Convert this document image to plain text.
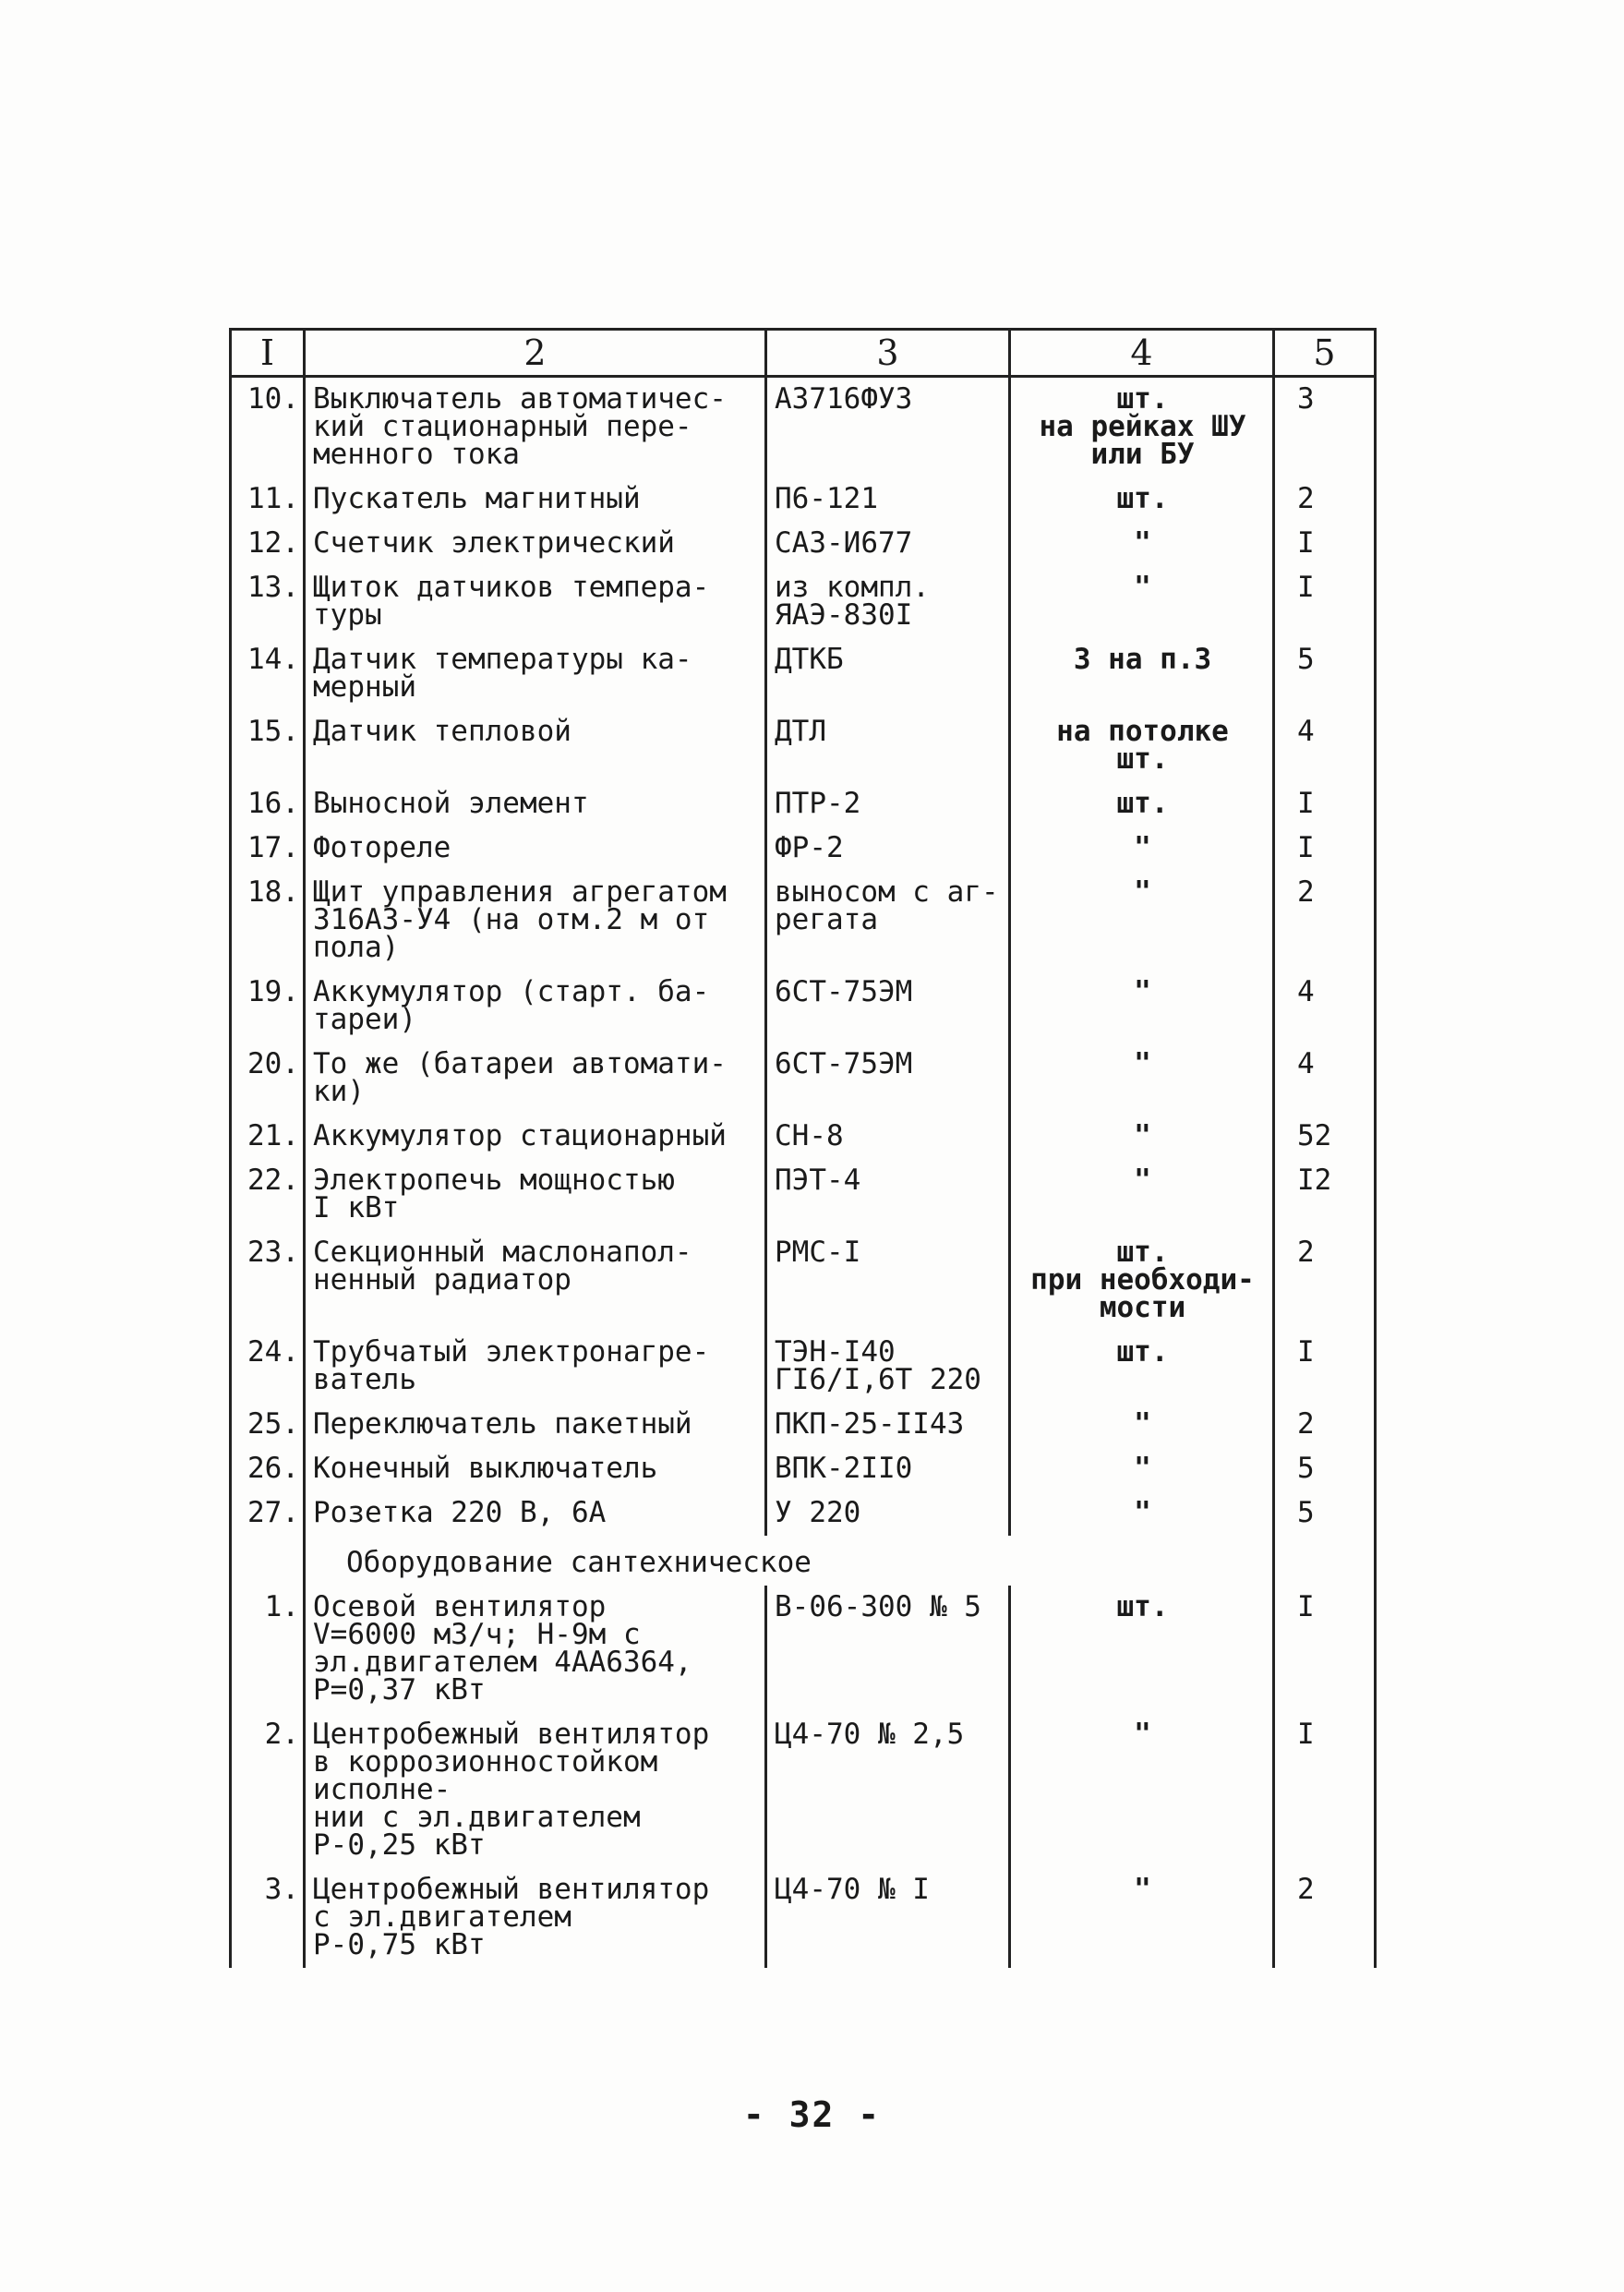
I	2	3	4	5
10.	Выключатель автоматичес-
кий стационарный пере-
менного тока	А3716ФУ3	шт.
на рейках ШУ
или БУ	3
11.	Пускатель магнитный	П6-121	шт.	2
12.	Счетчик электрический	СА3-И677	"	I
13.	Щиток датчиков темпера-
туры	из компл.
ЯАЭ-830I	"	I
14.	Датчик температуры ка-
мерный	ДТКБ	3 на п.3	5
15.	Датчик тепловой	ДТЛ	на потолке
шт.	4
16.	Выносной элемент	ПТР-2	шт.	I
17.	Фотореле	ФР-2	"	I
18.	Щит управления агрегатом
316А3-У4 (на отм.2 м от
пола)	выносом с аг-
регата	"	2
19.	Аккумулятор (старт. ба-
тареи)	6СТ-75ЭМ	"	4
20.	То же (батареи автомати-
ки)	6СТ-75ЭМ	"	4
21.	Аккумулятор стационарный	СН-8	"	52
22.	Электропечь мощностью
I кВт	ПЭТ-4	"	I2
23.	Секционный маслонапол-
ненный радиатор	РМС-I	шт.
при необходи-
мости	2
24.	Трубчатый электронагре-
ватель	ТЭН-I40
ГI6/I,6Т 220	шт.	I
25.	Переключатель пакетный	ПКП-25-II43	"	2
26.	Конечный выключатель	ВПК-2II0	"	5
27.	Розетка 220 В, 6А	У 220	"	5
	Оборудование сантехническое			
1.	Осевой вентилятор
V=6000 м3/ч; Н-9м с
эл.двигателем 4АА6364,
Р=0,37 кВт	В-06-300 № 5	шт.	I
2.	Центробежный вентилятор
в коррозионностойком исполне-
нии с эл.двигателем
Р-0,25 кВт	Ц4-70 № 2,5	"	I
3.	Центробежный вентилятор
с эл.двигателем
Р-0,75 кВт	Ц4-70 № I	"	2
- 32 -
